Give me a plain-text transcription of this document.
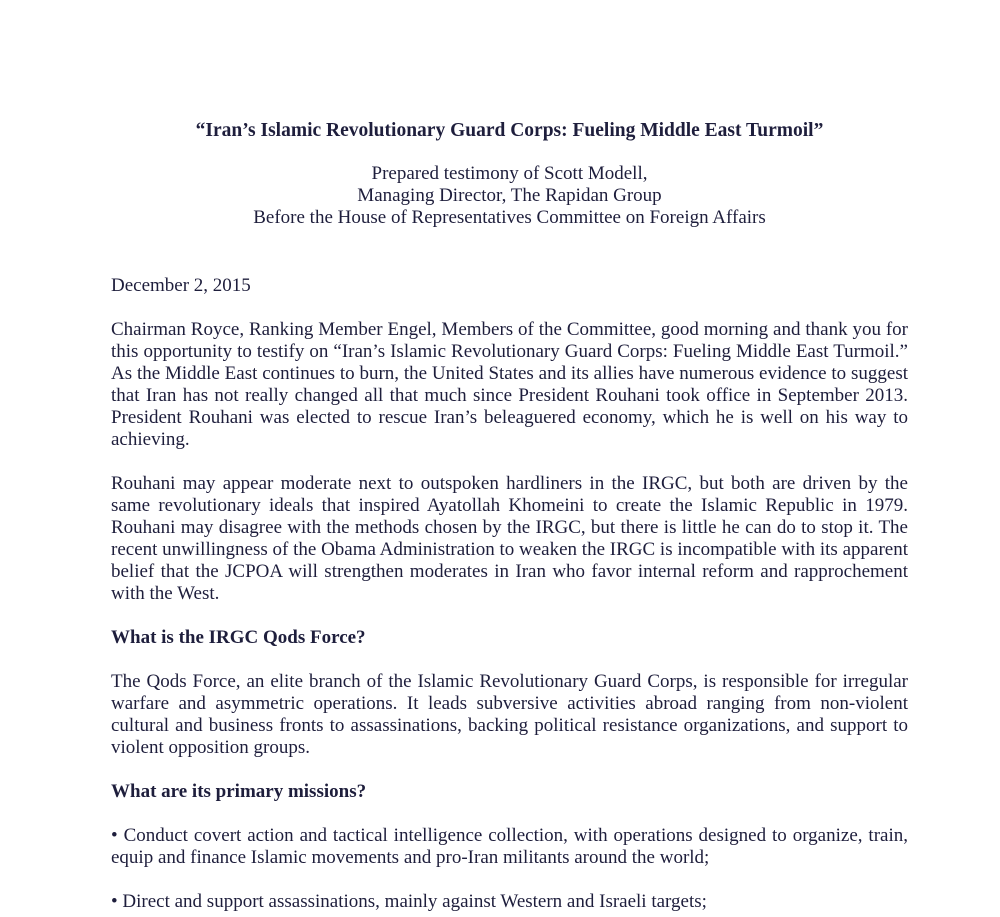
“Iran’s Islamic Revolutionary Guard Corps: Fueling Middle East Turmoil”
Prepared testimony of Scott Modell,
Managing Director, The Rapidan Group
Before the House of Representatives Committee on Foreign Affairs

December 2, 2015

Chairman Royce, Ranking Member Engel, Members of the Committee, good morning and thank you for this opportunity to testify on “Iran’s Islamic Revolutionary Guard Corps: Fueling Middle East Turmoil.” As the Middle East continues to burn, the United States and its allies have numerous evidence to suggest that Iran has not really changed all that much since President Rouhani took office in September 2013. President Rouhani was elected to rescue Iran’s beleaguered economy, which he is well on his way to achieving.

Rouhani may appear moderate next to outspoken hardliners in the IRGC, but both are driven by the same revolutionary ideals that inspired Ayatollah Khomeini to create the Islamic Republic in 1979. Rouhani may disagree with the methods chosen by the IRGC, but there is little he can do to stop it. The recent unwillingness of the Obama Administration to weaken the IRGC is incompatible with its apparent belief that the JCPOA will strengthen moderates in Iran who favor internal reform and rapprochement with the West.

What is the IRGC Qods Force?

The Qods Force, an elite branch of the Islamic Revolutionary Guard Corps, is responsible for irregular warfare and asymmetric operations. It leads subversive activities abroad ranging from non-violent cultural and business fronts to assassinations, backing political resistance organizations, and support to violent opposition groups.

What are its primary missions?

• Conduct covert action and tactical intelligence collection, with operations designed to organize, train, equip and finance Islamic movements and pro-Iran militants around the world;

• Direct and support assassinations, mainly against Western and Israeli targets;
